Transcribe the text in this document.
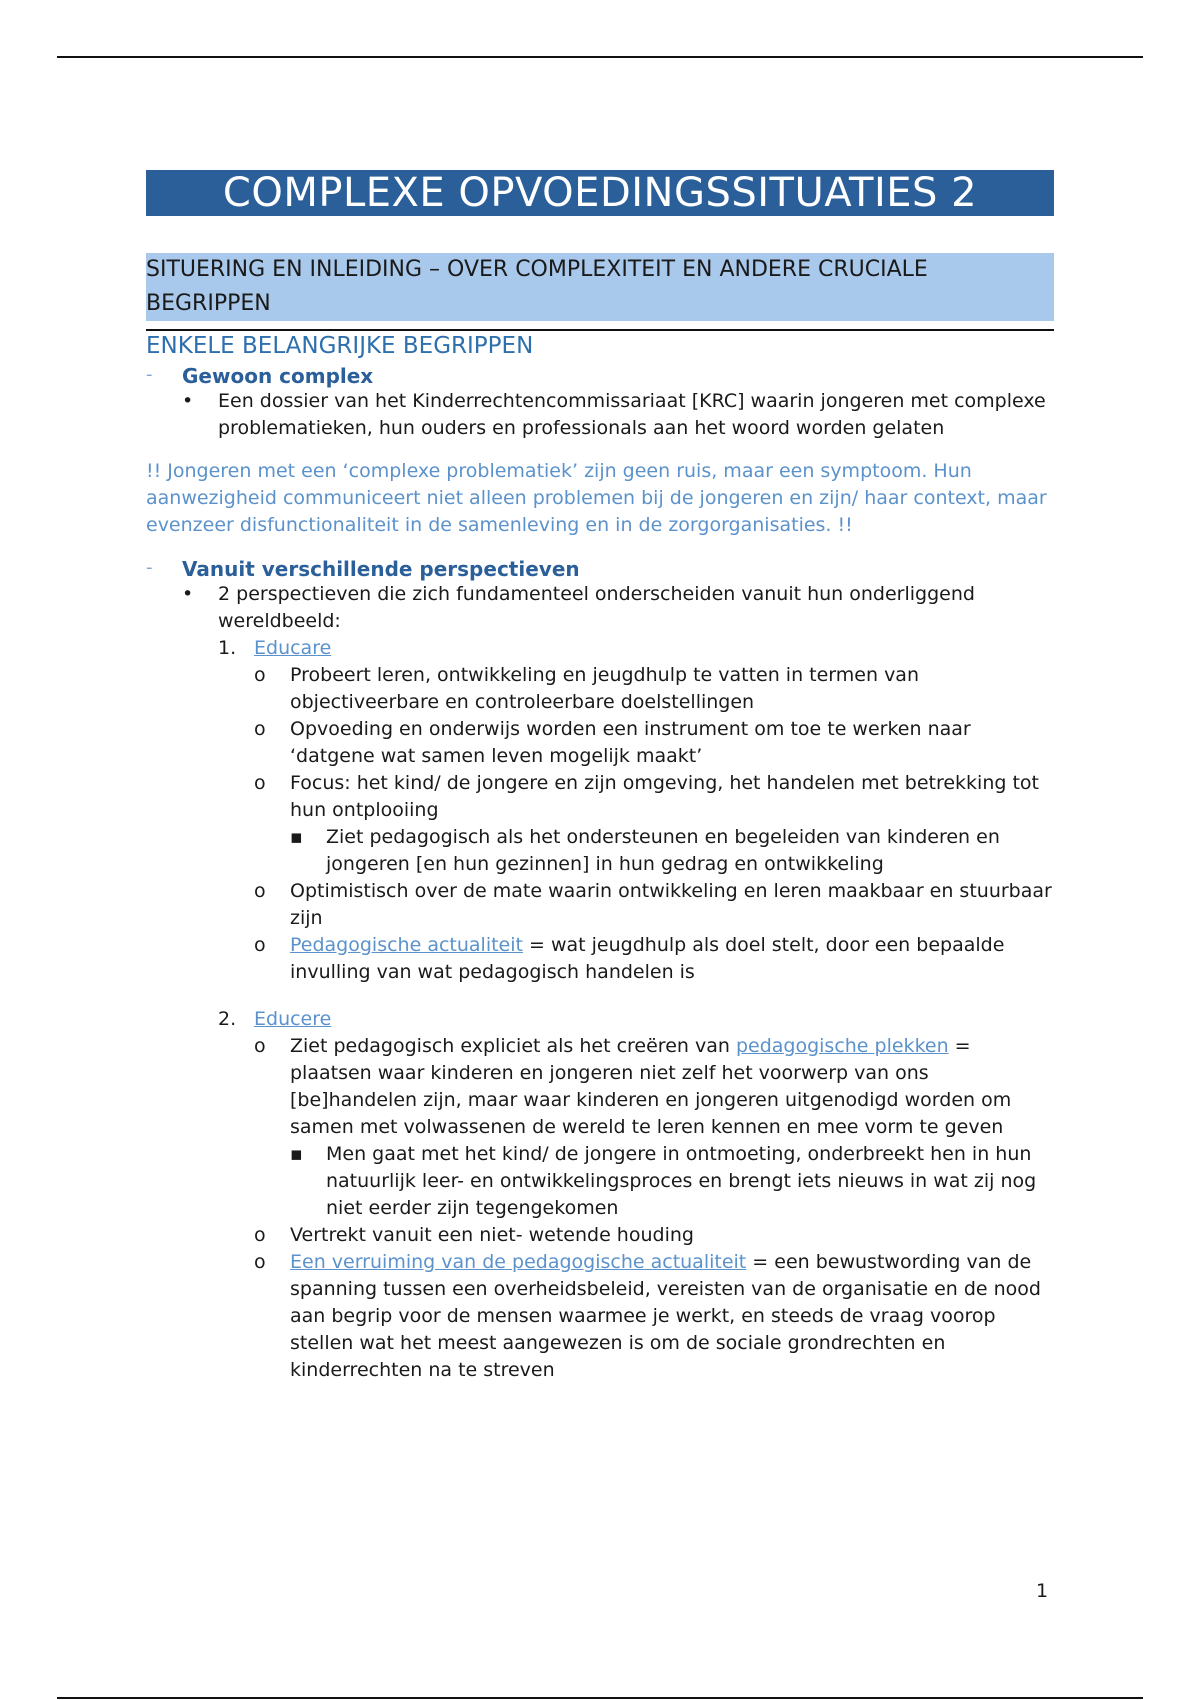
COMPLEXE OPVOEDINGSSITUATIES 2
SITUERING EN INLEIDING – OVER COMPLEXITEIT EN ANDERE CRUCIALE BEGRIPPEN
ENKELE BELANGRIJKE BEGRIPPEN
- Gewoon complex
• Een dossier van het Kinderrechtencommissariaat [KRC] waarin jongeren met complexe problematieken, hun ouders en professionals aan het woord worden gelaten
!! Jongeren met een ‘complexe problematiek’ zijn geen ruis, maar een symptoom. Hun aanwezigheid communiceert niet alleen problemen bij de jongeren en zijn/ haar context, maar evenzeer disfunctionaliteit in de samenleving en in de zorgorganisaties. !!
- Vanuit verschillende perspectieven
• 2 perspectieven die zich fundamenteel onderscheiden vanuit hun onderliggend wereldbeeld:
1. Educare
o Probeert leren, ontwikkeling en jeugdhulp te vatten in termen van objectiveerbare en controleerbare doelstellingen
o Opvoeding en onderwijs worden een instrument om toe te werken naar ‘datgene wat samen leven mogelijk maakt’
o Focus: het kind/ de jongere en zijn omgeving, het handelen met betrekking tot hun ontplooiing
▪ Ziet pedagogisch als het ondersteunen en begeleiden van kinderen en jongeren [en hun gezinnen] in hun gedrag en ontwikkeling
o Optimistisch over de mate waarin ontwikkeling en leren maakbaar en stuurbaar zijn
o Pedagogische actualiteit = wat jeugdhulp als doel stelt, door een bepaalde invulling van wat pedagogisch handelen is
2. Educere
o Ziet pedagogisch expliciet als het creëren van pedagogische plekken = plaatsen waar kinderen en jongeren niet zelf het voorwerp van ons [be]handelen zijn, maar waar kinderen en jongeren uitgenodigd worden om samen met volwassenen de wereld te leren kennen en mee vorm te geven
▪ Men gaat met het kind/ de jongere in ontmoeting, onderbreekt hen in hun natuurlijk leer- en ontwikkelingsproces en brengt iets nieuws in wat zij nog niet eerder zijn tegengekomen
o Vertrekt vanuit een niet- wetende houding
o Een verruiming van de pedagogische actualiteit = een bewustwording van de spanning tussen een overheidsbeleid, vereisten van de organisatie en de nood aan begrip voor de mensen waarmee je werkt, en steeds de vraag voorop stellen wat het meest aangewezen is om de sociale grondrechten en kinderrechten na te streven
1
